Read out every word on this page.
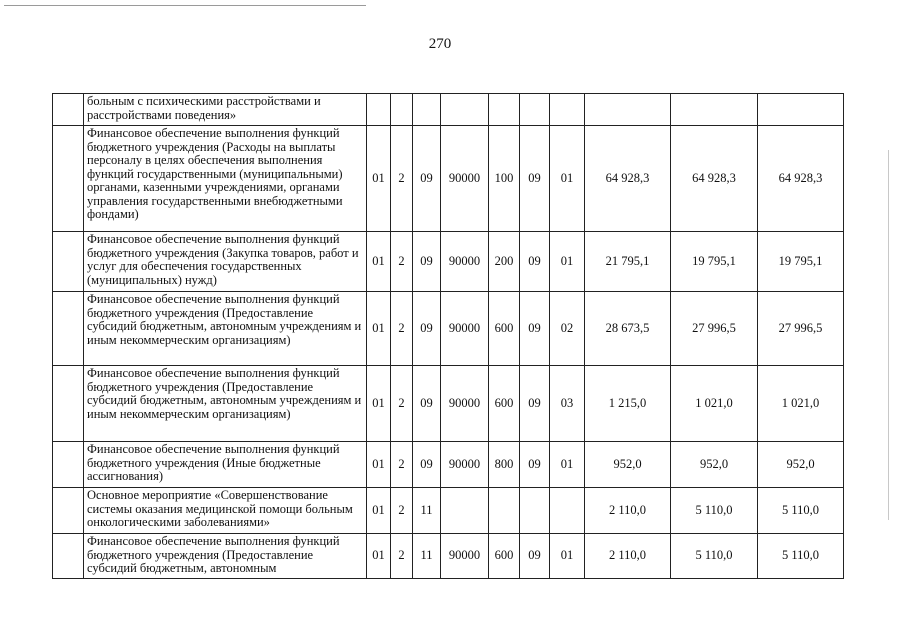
270
	больным с психическими расстройствами и расстройствами поведения»										
	Финансовое обеспечение выполнения функций бюджетного учреждения (Расходы на выплаты персоналу в целях обеспечения выполнения функций государственными (муниципальными) органами, казенными учреждениями, органами управления государственными внебюджетными фондами)	01	2	09	90000	100	09	01	64 928,3	64 928,3	64 928,3
	Финансовое обеспечение выполнения функций бюджетного учреждения (Закупка товаров, работ и услуг для обеспечения государственных (муниципальных) нужд)	01	2	09	90000	200	09	01	21 795,1	19 795,1	19 795,1
	Финансовое обеспечение выполнения функций бюджетного учреждения (Предоставление субсидий бюджетным, автономным учреждениям и иным некоммерческим организациям)	01	2	09	90000	600	09	02	28 673,5	27 996,5	27 996,5
	Финансовое обеспечение выполнения функций бюджетного учреждения (Предоставление субсидий бюджетным, автономным учреждениям и иным некоммерческим организациям)	01	2	09	90000	600	09	03	1 215,0	1 021,0	1 021,0
	Финансовое обеспечение выполнения функций бюджетного учреждения (Иные бюджетные ассигнования)	01	2	09	90000	800	09	01	952,0	952,0	952,0
	Основное мероприятие «Совершенствование системы оказания медицинской помощи больным онкологическими заболеваниями»	01	2	11					2 110,0	5 110,0	5 110,0
	Финансовое обеспечение выполнения функций бюджетного учреждения (Предоставление субсидий бюджетным, автономным	01	2	11	90000	600	09	01	2 110,0	5 110,0	5 110,0
